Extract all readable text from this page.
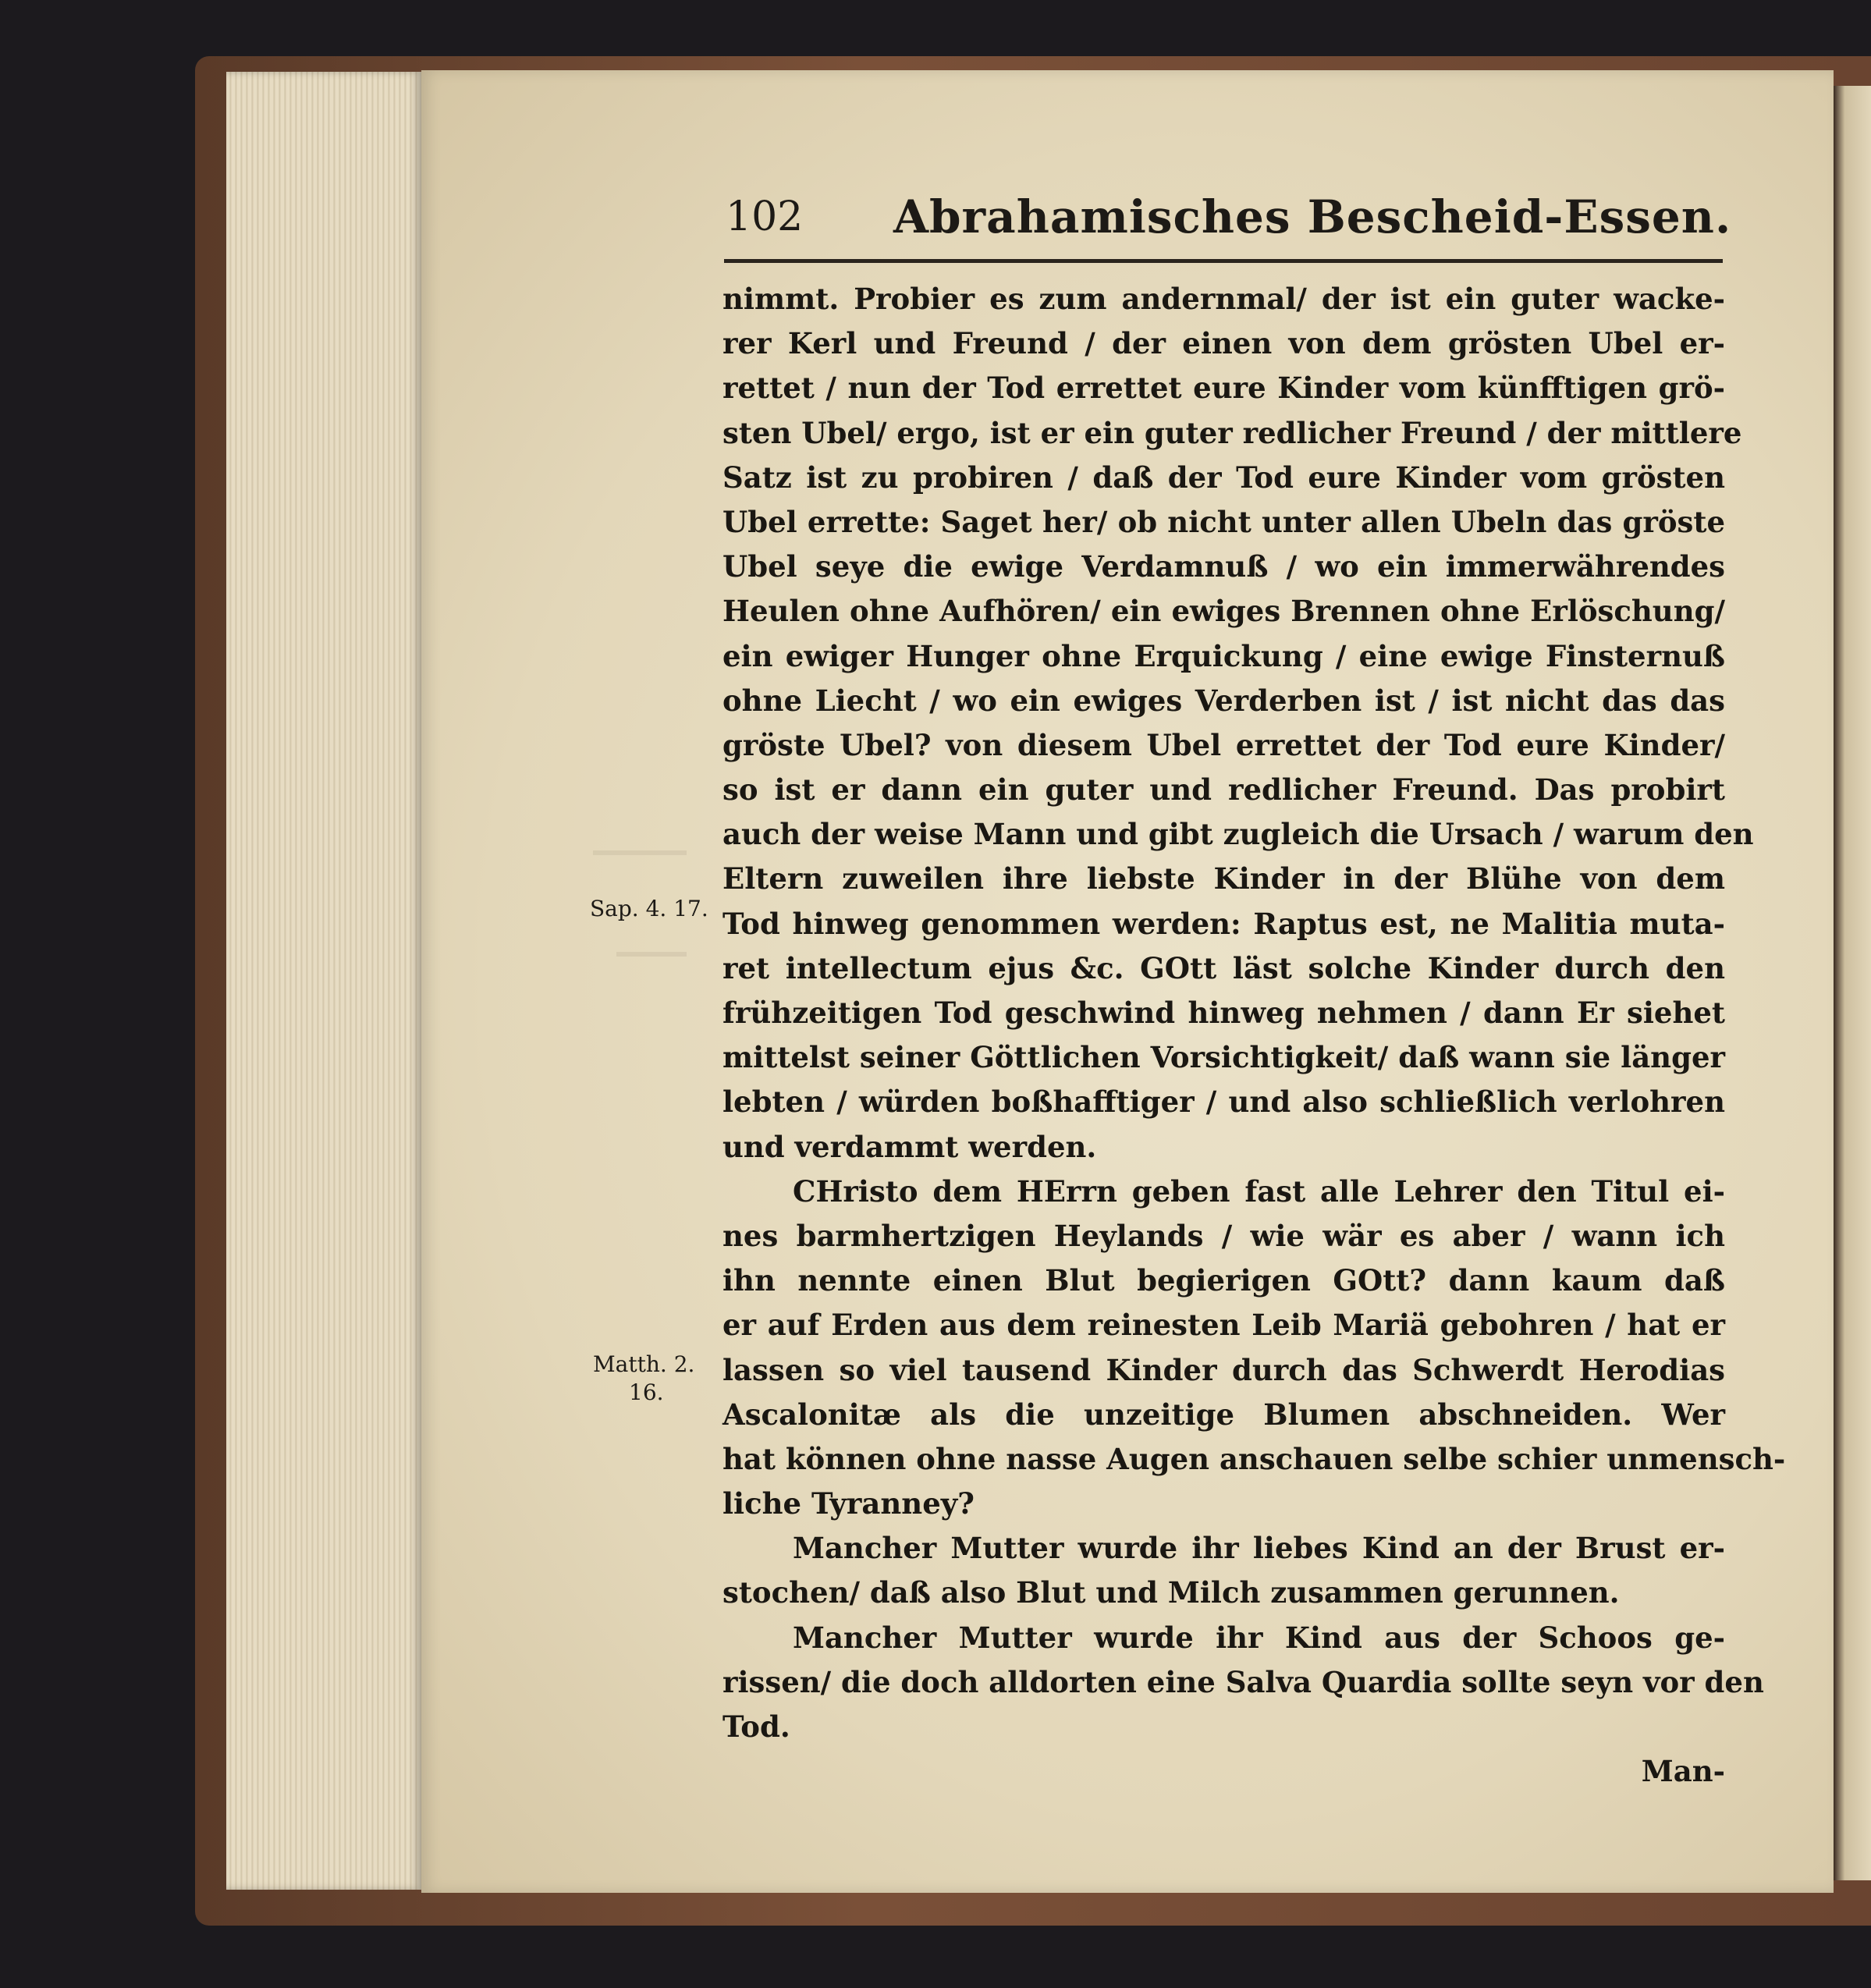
102 Abrahamisches Bescheid-Essen.
nimmt. Probier es zum andernmal/ der ist ein guter wacke-
rer Kerl und Freund / der einen von dem grösten Ubel er-
rettet / nun der Tod errettet eure Kinder vom künfftigen grö-
sten Ubel/ ergo, ist er ein guter redlicher Freund / der mittlere
Satz ist zu probiren / daß der Tod eure Kinder vom grösten
Ubel errette: Saget her/ ob nicht unter allen Ubeln das gröste
Ubel seye die ewige Verdamnuß / wo ein immerwährendes
Heulen ohne Aufhören/ ein ewiges Brennen ohne Erlöschung/
ein ewiger Hunger ohne Erquickung / eine ewige Finsternuß
ohne Liecht / wo ein ewiges Verderben ist / ist nicht das das
gröste Ubel? von diesem Ubel errettet der Tod eure Kinder/
so ist er dann ein guter und redlicher Freund. Das probirt
auch der weise Mann und gibt zugleich die Ursach / warum den
Eltern zuweilen ihre liebste Kinder in der Blühe von dem
Tod hinweg genommen werden: Raptus est, ne Malitia muta-
ret intellectum ejus &c. GOtt läst solche Kinder durch den
frühzeitigen Tod geschwind hinweg nehmen / dann Er siehet
mittelst seiner Göttlichen Vorsichtigkeit/ daß wann sie länger
lebten / würden boßhafftiger / und also schließlich verlohren
und verdammt werden.
CHristo dem HErrn geben fast alle Lehrer den Titul ei-
nes barmhertzigen Heylands / wie wär es aber / wann ich
ihn nennte einen Blut begierigen GOtt? dann kaum daß
er auf Erden aus dem reinesten Leib Mariä gebohren / hat er
lassen so viel tausend Kinder durch das Schwerdt Herodias
Ascalonitæ als die unzeitige Blumen abschneiden. Wer
hat können ohne nasse Augen anschauen selbe schier unmensch-
liche Tyranney?
Mancher Mutter wurde ihr liebes Kind an der Brust er-
stochen/ daß also Blut und Milch zusammen gerunnen.
Mancher Mutter wurde ihr Kind aus der Schoos ge-
rissen/ die doch alldorten eine Salva Quardia sollte seyn vor den
Tod.
Man-
Sap. 4. 17.
Matth. 2.
16.
